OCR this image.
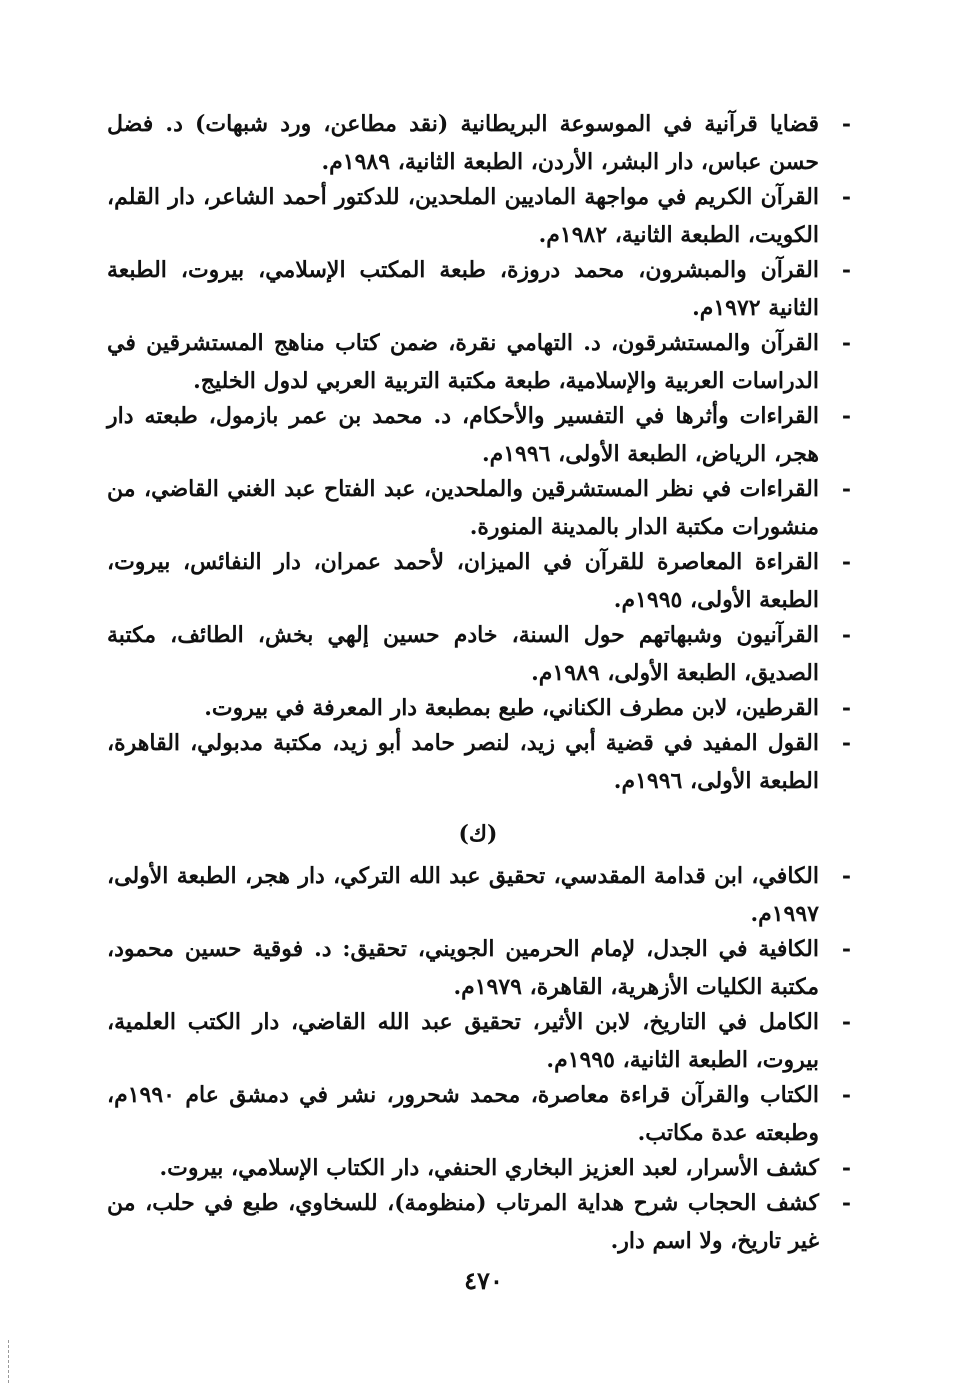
-
قضايا قرآنية في الموسوعة البريطانية (نقد مطاعن، ورد شبهات) د. فضل حسن عباس، دار البشر، الأردن، الطبعة الثانية، ١٩٨٩م.
-
القرآن الكريم في مواجهة الماديين الملحدين، للدكتور أحمد الشاعر، دار القلم، الكويت، الطبعة الثانية، ١٩٨٢م.
-
القرآن والمبشرون، محمد دروزة، طبعة المكتب الإسلامي، بيروت، الطبعة الثانية ١٩٧٢م.
-
القرآن والمستشرقون، د. التهامي نقرة، ضمن كتاب مناهج المستشرقين في الدراسات العربية والإسلامية، طبعة مكتبة التربية العربي لدول الخليج.
-
القراءات وأثرها في التفسير والأحكام، د. محمد بن عمر بازمول، طبعته دار هجر، الرياض، الطبعة الأولى، ١٩٩٦م.
-
القراءات في نظر المستشرقين والملحدين، عبد الفتاح عبد الغني القاضي، من منشورات مكتبة الدار بالمدينة المنورة.
-
القراءة المعاصرة للقرآن في الميزان، لأحمد عمران، دار النفائس، بيروت، الطبعة الأولى، ١٩٩٥م.
-
القرآنيون وشبهاتهم حول السنة، خادم حسين إلهي بخش، الطائف، مكتبة الصديق، الطبعة الأولى، ١٩٨٩م.
-
القرطين، لابن مطرف الكناني، طبع بمطبعة دار المعرفة في بيروت.
-
القول المفيد في قضية أبي زيد، لنصر حامد أبو زيد، مكتبة مدبولي، القاهرة، الطبعة الأولى، ١٩٩٦م.
(ك)
-
الكافي، ابن قدامة المقدسي، تحقيق عبد الله التركي، دار هجر، الطبعة الأولى، ١٩٩٧م.
-
الكافية في الجدل، لإمام الحرمين الجويني، تحقيق: د. فوقية حسين محمود، مكتبة الكليات الأزهرية، القاهرة، ١٩٧٩م.
-
الكامل في التاريخ، لابن الأثير، تحقيق عبد الله القاضي، دار الكتب العلمية، بيروت، الطبعة الثانية، ١٩٩٥م.
-
الكتاب والقرآن قراءة معاصرة، محمد شحرور، نشر في دمشق عام ١٩٩٠م، وطبعته عدة مكاتب.
-
كشف الأسرار، لعبد العزيز البخاري الحنفي، دار الكتاب الإسلامي، بيروت.
-
كشف الحجاب شرح هداية المرتاب (منظومة)، للسخاوي، طبع في حلب، من غير تاريخ، ولا اسم دار.
٤٧٠
